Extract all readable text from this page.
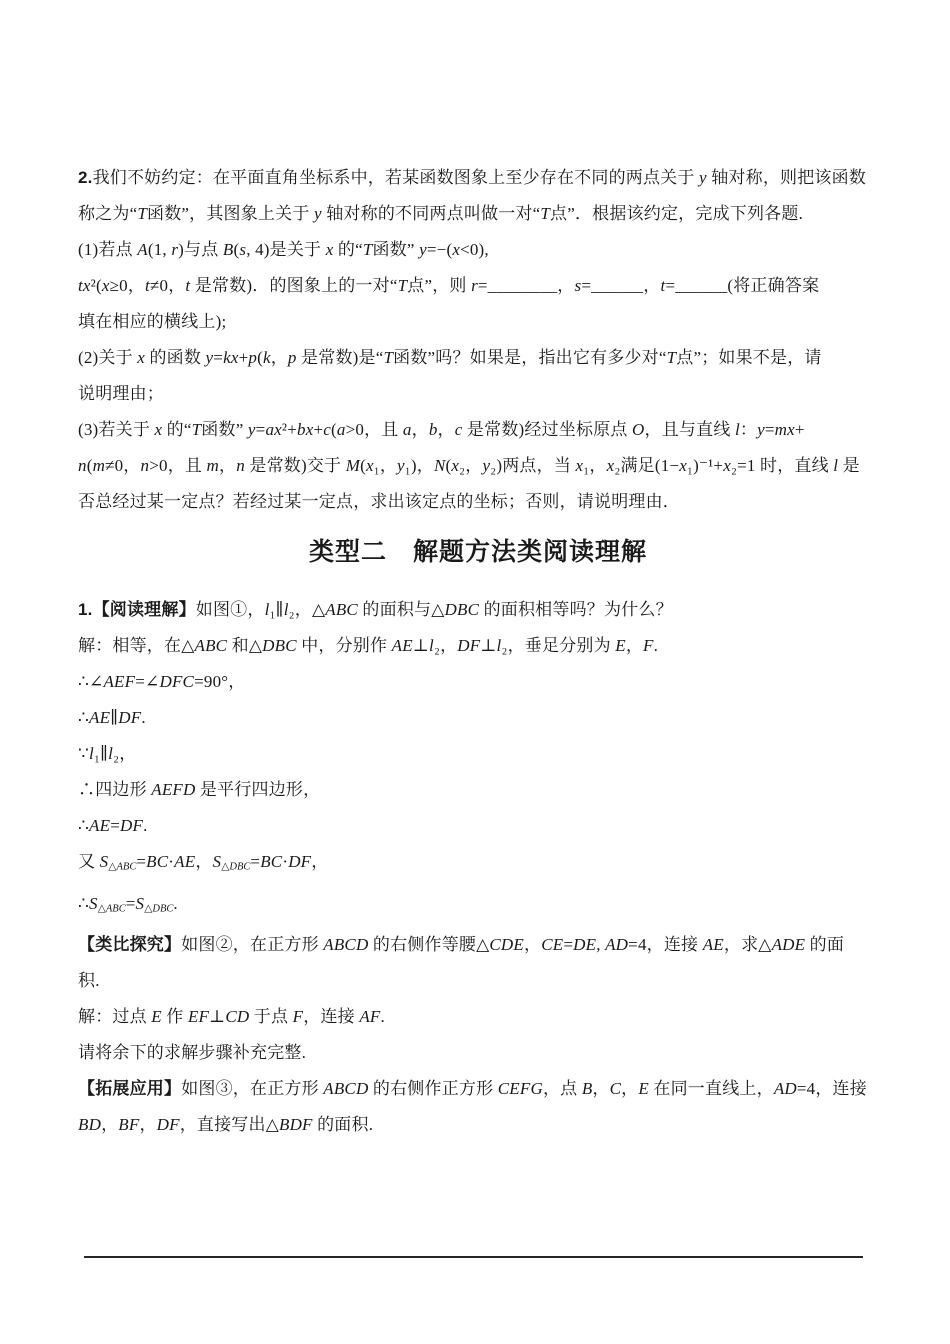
2.我们不妨约定：在平面直角坐标系中，若某函数图象上至少存在不同的两点关于 y 轴对称，则把该函数
称之为“T函数”，其图象上关于 y 轴对称的不同两点叫做一对“T点”．根据该约定，完成下列各题.
(1)若点 A(1, r)与点 B(s, 4)是关于 x 的“T函数” y=−(x<0),
tx²(x≥0，t≠0，t 是常数)．的图象上的一对“T点”，则 r=________，s=______，t=______(将正确答案
填在相应的横线上);
(2)关于 x 的函数 y=kx+p(k，p 是常数)是“T函数”吗？如果是，指出它有多少对“T点”；如果不是，请
说明理由；
(3)若关于 x 的“T函数” y=ax²+bx+c(a>0，且 a，b，c 是常数)经过坐标原点 O，且与直线 l：y=mx+
n(m≠0，n>0，且 m，n 是常数)交于 M(x₁，y₁)，N(x₂，y₂)两点，当 x₁，x₂满足(1−x₁)⁻¹+x₂=1 时，直线 l 是
否总经过某一定点？若经过某一定点，求出该定点的坐标；否则，请说明理由．
类型二　解题方法类阅读理解
1.【阅读理解】如图①，l₁∥l₂，△ABC 的面积与△DBC 的面积相等吗？为什么？
解：相等，在△ABC 和△DBC 中，分别作 AE⊥l₂，DF⊥l₂，垂足分别为 E，F.
∴∠AEF=∠DFC=90°，
∴AE∥DF.
∵l₁∥l₂，
∴四边形 AEFD 是平行四边形，
∴AE=DF.
又 $S_{\triangle ABC}=BC\cdot AE$，$S_{\triangle DBC}=BC\cdot DF$，
$\therefore S_{\triangle ABC}=S_{\triangle DBC}$.
【类比探究】如图②，在正方形 ABCD 的右侧作等腰△CDE，CE=DE, AD=4，连接 AE，求△ADE 的面
积.
解：过点 E 作 EF⊥CD 于点 F，连接 AF.
请将余下的求解步骤补充完整.
【拓展应用】如图③，在正方形 ABCD 的右侧作正方形 CEFG，点 B，C，E 在同一直线上，AD=4，连接
BD，BF，DF，直接写出△BDF 的面积.
